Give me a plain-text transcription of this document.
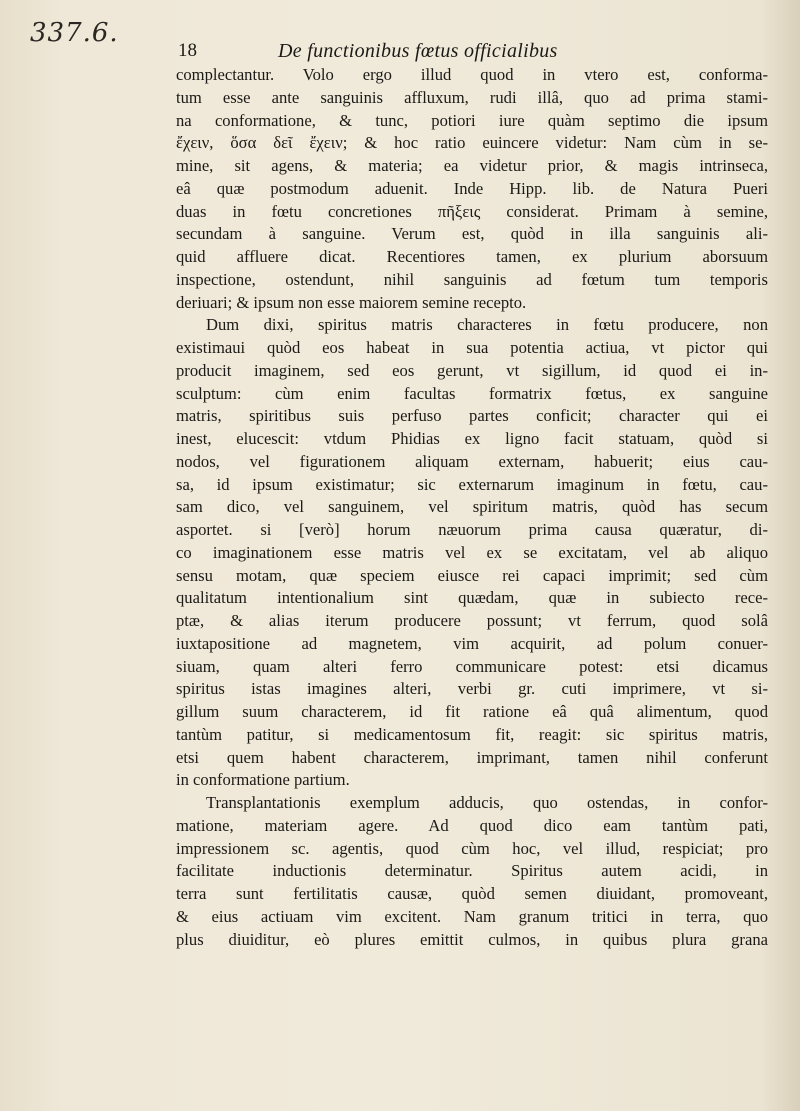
337.6.
18	De functionibus fœtus officialibus
complectantur. Volo ergo illud quod in vtero est, conforma-
tum esse ante sanguinis affluxum, rudi illâ, quo ad prima stami-
na conformatione, & tunc, potiori iure quàm septimo die ipsum
ἔχειν, ὅσα δεῖ ἔχειν; & hoc ratio euincere videtur: Nam cùm in se-
mine, sit agens, & materia; ea videtur prior, & magis intrinseca,
eâ quæ postmodum aduenit. Inde Hipp. lib. de Natura Pueri
duas in fœtu concretiones πῆξεις considerat. Primam à semine,
secundam à sanguine. Verum est, quòd in illa sanguinis ali-
quid affluere dicat. Recentiores tamen, ex plurium aborsuum
inspectione, ostendunt, nihil sanguinis ad fœtum tum temporis
deriuari; & ipsum non esse maiorem semine recepto.
Dum dixi, spiritus matris characteres in fœtu producere, non
existimaui quòd eos habeat in sua potentia actiua, vt pictor qui
producit imaginem, sed eos gerunt, vt sigillum, id quod ei in-
sculptum: cùm enim facultas formatrix fœtus, ex sanguine
matris, spiritibus suis perfuso partes conficit; character qui ei
inest, elucescit: vtdum Phidias ex ligno facit statuam, quòd si
nodos, vel figurationem aliquam externam, habuerit; eius cau-
sa, id ipsum existimatur; sic externarum imaginum in fœtu, cau-
sam dico, vel sanguinem, vel spiritum matris, quòd has secum
asportet. si [verò] horum næuorum prima causa quæratur, di-
co imaginationem esse matris vel ex se excitatam, vel ab aliquo
sensu motam, quæ speciem eiusce rei capaci imprimit; sed cùm
qualitatum intentionalium sint quædam, quæ in subiecto rece-
ptæ, & alias iterum producere possunt; vt ferrum, quod solâ
iuxtapositione ad magnetem, vim acquirit, ad polum conuer-
siuam, quam alteri ferro communicare potest: etsi dicamus
spiritus istas imagines alteri, verbi gr. cuti imprimere, vt si-
gillum suum characterem, id fit ratione eâ quâ alimentum, quod
tantùm patitur, si medicamentosum fit, reagit: sic spiritus matris,
etsi quem habent characterem, imprimant, tamen nihil conferunt
in conformatione partium.
Transplantationis exemplum adducis, quo ostendas, in confor-
matione, materiam agere. Ad quod dico eam tantùm pati,
impressionem sc. agentis, quod cùm hoc, vel illud, respiciat; pro
facilitate inductionis determinatur. Spiritus autem acidi, in
terra sunt fertilitatis causæ, quòd semen diuidant, promoveant,
& eius actiuam vim excitent. Nam granum tritici in terra, quo
plus diuiditur, eò plures emittit culmos, in quibus plura grana
